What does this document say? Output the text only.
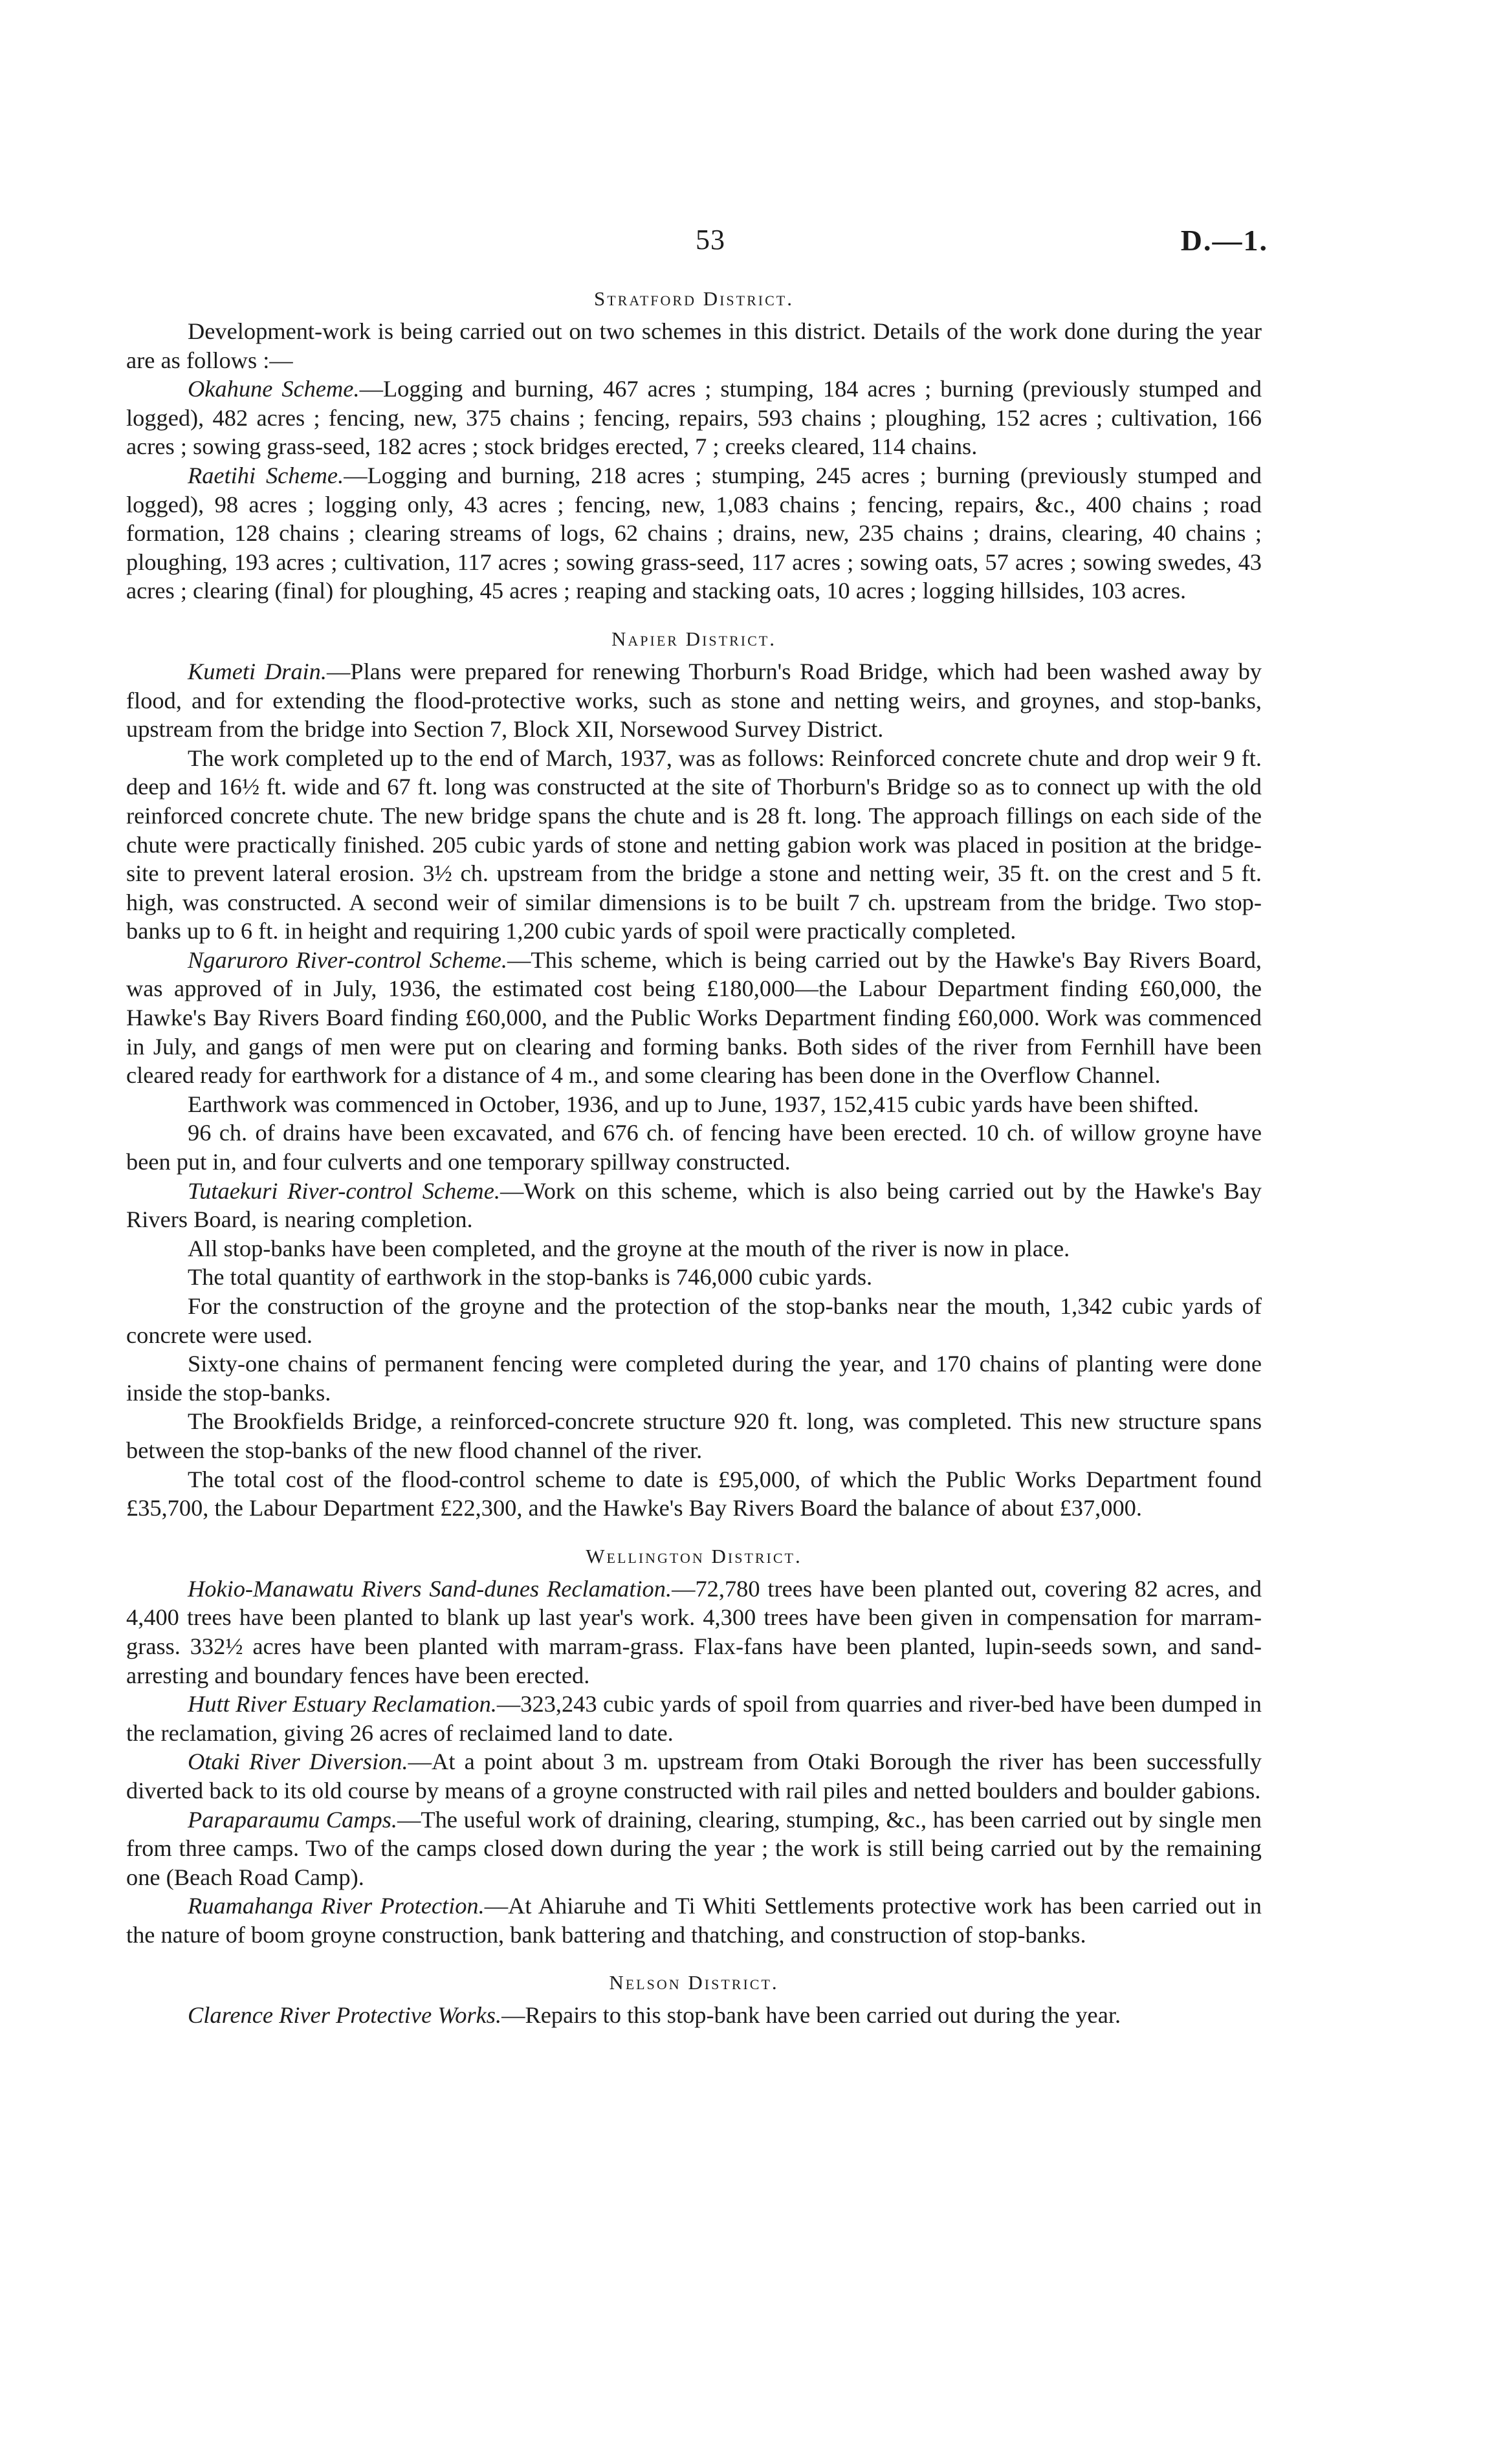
53	D.—1.
Stratford District.

Development-work is being carried out on two schemes in this district. Details of the work done during the year are as follows :—

Okahune Scheme.—Logging and burning, 467 acres ; stumping, 184 acres ; burning (previously stumped and logged), 482 acres ; fencing, new, 375 chains ; fencing, repairs, 593 chains ; ploughing, 152 acres ; cultivation, 166 acres ; sowing grass-seed, 182 acres ; stock bridges erected, 7 ; creeks cleared, 114 chains.

Raetihi Scheme.—Logging and burning, 218 acres ; stumping, 245 acres ; burning (previously stumped and logged), 98 acres ; logging only, 43 acres ; fencing, new, 1,083 chains ; fencing, repairs, &c., 400 chains ; road formation, 128 chains ; clearing streams of logs, 62 chains ; drains, new, 235 chains ; drains, clearing, 40 chains ; ploughing, 193 acres ; cultivation, 117 acres ; sowing grass-seed, 117 acres ; sowing oats, 57 acres ; sowing swedes, 43 acres ; clearing (final) for ploughing, 45 acres ; reaping and stacking oats, 10 acres ; logging hillsides, 103 acres.

Napier District.

Kumeti Drain.—Plans were prepared for renewing Thorburn's Road Bridge, which had been washed away by flood, and for extending the flood-protective works, such as stone and netting weirs, and groynes, and stop-banks, upstream from the bridge into Section 7, Block XII, Norsewood Survey District.

The work completed up to the end of March, 1937, was as follows: Reinforced concrete chute and drop weir 9 ft. deep and 16½ ft. wide and 67 ft. long was constructed at the site of Thorburn's Bridge so as to connect up with the old reinforced concrete chute. The new bridge spans the chute and is 28 ft. long. The approach fillings on each side of the chute were practically finished. 205 cubic yards of stone and netting gabion work was placed in position at the bridge-site to prevent lateral erosion. 3½ ch. upstream from the bridge a stone and netting weir, 35 ft. on the crest and 5 ft. high, was constructed. A second weir of similar dimensions is to be built 7 ch. upstream from the bridge. Two stop-banks up to 6 ft. in height and requiring 1,200 cubic yards of spoil were practically completed.

Ngaruroro River-control Scheme.—This scheme, which is being carried out by the Hawke's Bay Rivers Board, was approved of in July, 1936, the estimated cost being £180,000—the Labour Department finding £60,000, the Hawke's Bay Rivers Board finding £60,000, and the Public Works Department finding £60,000. Work was commenced in July, and gangs of men were put on clearing and forming banks. Both sides of the river from Fernhill have been cleared ready for earthwork for a distance of 4 m., and some clearing has been done in the Overflow Channel.

Earthwork was commenced in October, 1936, and up to June, 1937, 152,415 cubic yards have been shifted.

96 ch. of drains have been excavated, and 676 ch. of fencing have been erected. 10 ch. of willow groyne have been put in, and four culverts and one temporary spillway constructed.

Tutaekuri River-control Scheme.—Work on this scheme, which is also being carried out by the Hawke's Bay Rivers Board, is nearing completion.

All stop-banks have been completed, and the groyne at the mouth of the river is now in place.

The total quantity of earthwork in the stop-banks is 746,000 cubic yards.

For the construction of the groyne and the protection of the stop-banks near the mouth, 1,342 cubic yards of concrete were used.

Sixty-one chains of permanent fencing were completed during the year, and 170 chains of planting were done inside the stop-banks.

The Brookfields Bridge, a reinforced-concrete structure 920 ft. long, was completed. This new structure spans between the stop-banks of the new flood channel of the river.

The total cost of the flood-control scheme to date is £95,000, of which the Public Works Department found £35,700, the Labour Department £22,300, and the Hawke's Bay Rivers Board the balance of about £37,000.

Wellington District.

Hokio-Manawatu Rivers Sand-dunes Reclamation.—72,780 trees have been planted out, covering 82 acres, and 4,400 trees have been planted to blank up last year's work. 4,300 trees have been given in compensation for marram-grass. 332½ acres have been planted with marram-grass. Flax-fans have been planted, lupin-seeds sown, and sand-arresting and boundary fences have been erected.

Hutt River Estuary Reclamation.—323,243 cubic yards of spoil from quarries and river-bed have been dumped in the reclamation, giving 26 acres of reclaimed land to date.

Otaki River Diversion.—At a point about 3 m. upstream from Otaki Borough the river has been successfully diverted back to its old course by means of a groyne constructed with rail piles and netted boulders and boulder gabions.

Paraparaumu Camps.—The useful work of draining, clearing, stumping, &c., has been carried out by single men from three camps. Two of the camps closed down during the year ; the work is still being carried out by the remaining one (Beach Road Camp).

Ruamahanga River Protection.—At Ahiaruhe and Ti Whiti Settlements protective work has been carried out in the nature of boom groyne construction, bank battering and thatching, and construction of stop-banks.

Nelson District.

Clarence River Protective Works.—Repairs to this stop-bank have been carried out during the year.
